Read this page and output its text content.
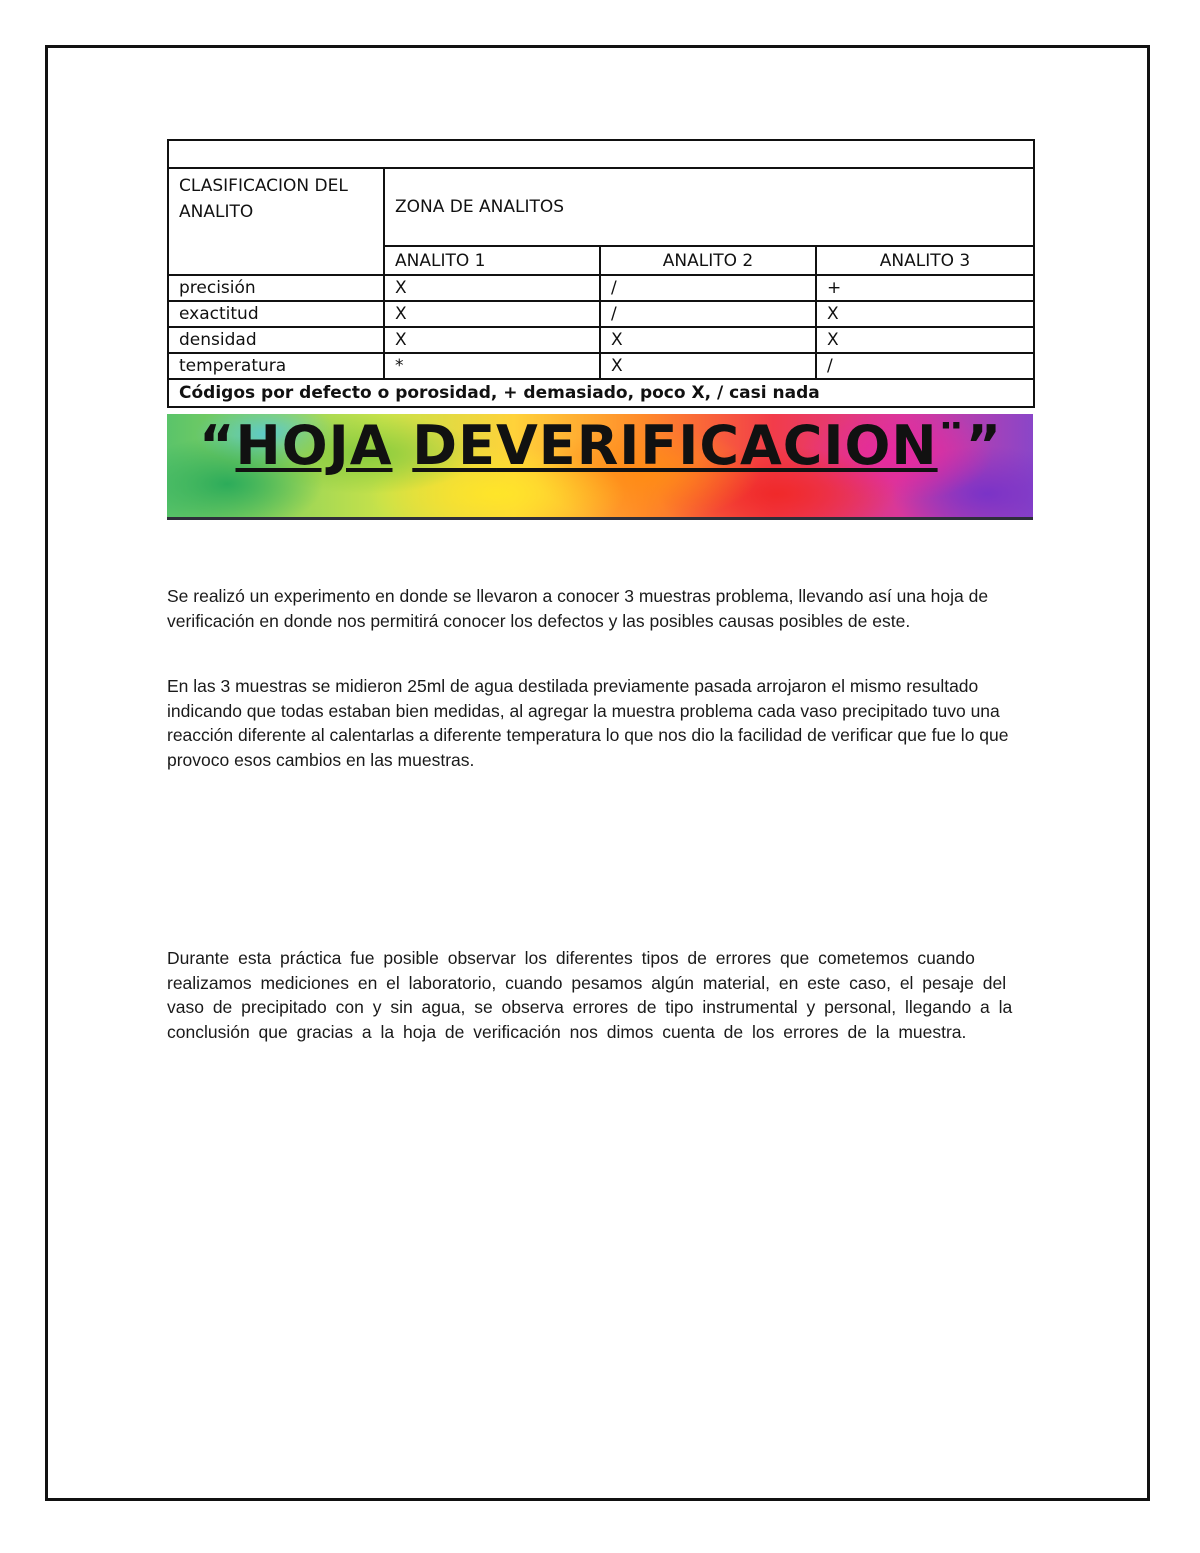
CLASIFICACION DEL ANALITO	ZONA DE ANALITOS		
	ANALITO 1	ANALITO 2	ANALITO 3
precisión	X	/	+
exactitud	X	/	X
densidad	X	X	X
temperatura	*	X	/
Códigos por defecto o porosidad, + demasiado, poco X, / casi nada			
“HOJA DEVERIFICACION¨”

Se realizó un experimento en donde se llevaron a conocer 3 muestras problema, llevando así una hoja de verificación en donde nos permitirá conocer los defectos y las posibles causas posibles de este.

En las 3 muestras se midieron 25ml de agua destilada previamente pasada arrojaron el mismo resultado indicando que todas estaban bien medidas, al agregar la muestra problema cada vaso precipitado tuvo una reacción diferente al calentarlas a diferente temperatura lo que nos dio la facilidad de verificar que fue lo que provoco esos cambios en las muestras.

Durante esta práctica fue posible observar los diferentes tipos de errores que cometemos cuando realizamos mediciones en el laboratorio, cuando pesamos algún material, en este caso, el pesaje del vaso de precipitado con y sin agua, se observa errores de tipo instrumental y personal, llegando a la conclusión que gracias a la hoja de verificación nos dimos cuenta de los errores de la muestra.
